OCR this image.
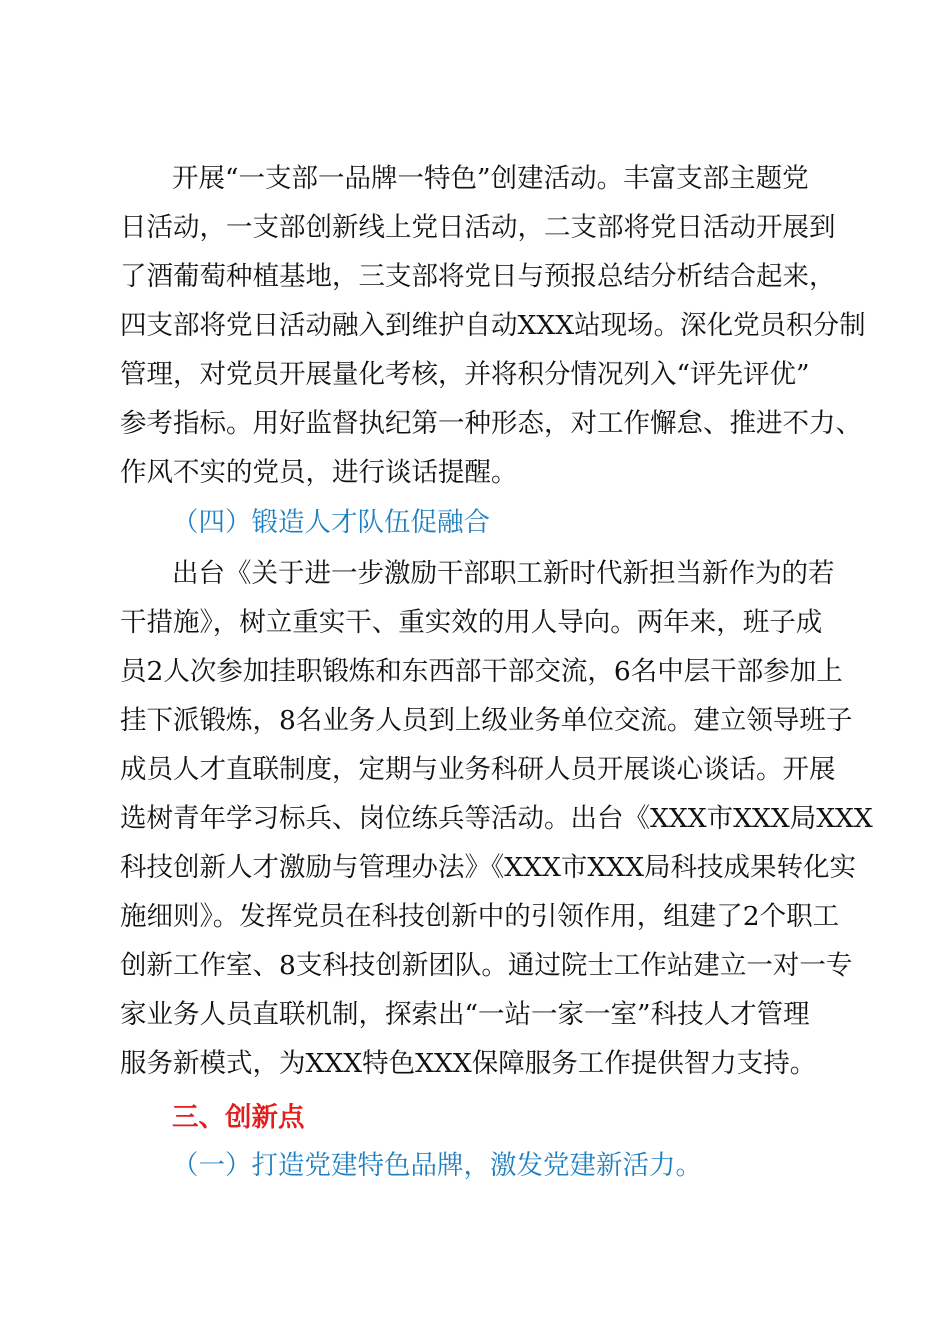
开展“一支部一品牌一特色”创建活动。丰富支部主题党
日活动，一支部创新线上党日活动，二支部将党日活动开展到
了酒葡萄种植基地，三支部将党日与预报总结分析结合起来，
四支部将党日活动融入到维护自动XXX站现场。深化党员积分制
管理，对党员开展量化考核，并将积分情况列入“评先评优”
参考指标。用好监督执纪第一种形态，对工作懈怠、推进不力、
作风不实的党员，进行谈话提醒。
（四）锻造人才队伍促融合
出台《关于进一步激励干部职工新时代新担当新作为的若
干措施》，树立重实干、重实效的用人导向。两年来，班子成
员2人次参加挂职锻炼和东西部干部交流，6名中层干部参加上
挂下派锻炼，8名业务人员到上级业务单位交流。建立领导班子
成员人才直联制度，定期与业务科研人员开展谈心谈话。开展
选树青年学习标兵、岗位练兵等活动。出台《XXX市XXX局XXX
科技创新人才激励与管理办法》《XXX市XXX局科技成果转化实
施细则》。发挥党员在科技创新中的引领作用，组建了2个职工
创新工作室、8支科技创新团队。通过院士工作站建立一对一专
家业务人员直联机制，探索出“一站一家一室”科技人才管理
服务新模式，为XXX特色XXX保障服务工作提供智力支持。
三、创新点
（一）打造党建特色品牌，激发党建新活力。
